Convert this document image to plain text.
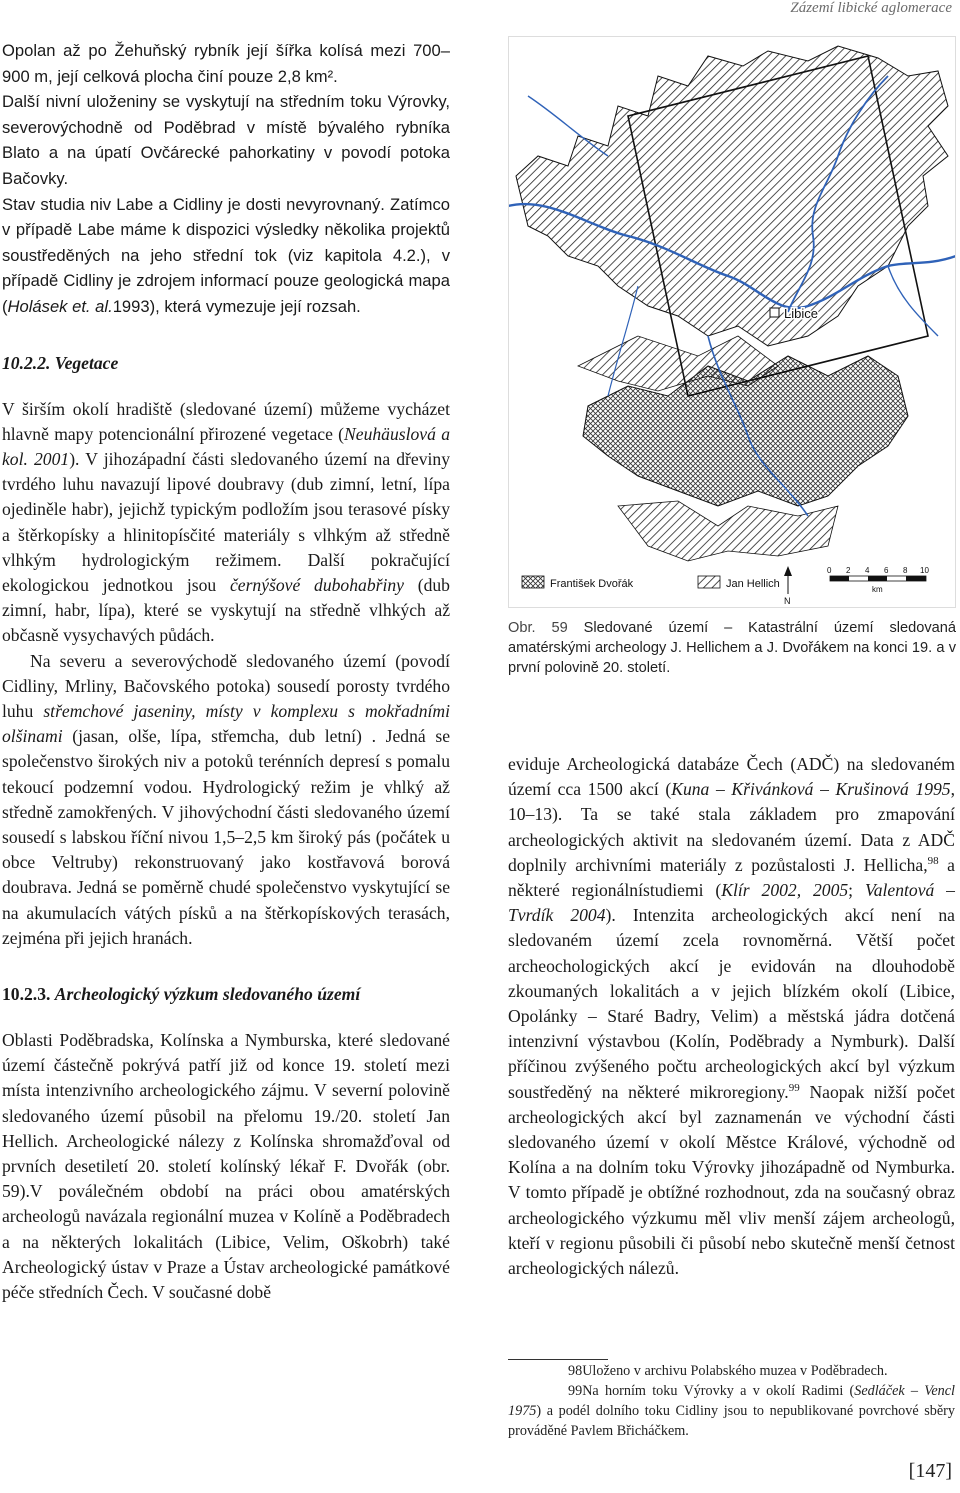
Zázemí libické aglomerace

Opolan až po Žehuňský rybník její šířka kolísá mezi 700–900 m, její celková plocha činí pouze 2,8 km².

Další nivní uloženiny se vyskytují na středním toku Výrovky, severovýchodně od Poděbrad v místě bývalého rybníka Blato a na úpatí Ovčárecké pahorkatiny v povodí potoka Bačovky.

Stav studia niv Labe a Cidliny je dosti nevyrovnaný. Zatímco v případě Labe máme k dispozici výsledky několika projektů soustředěných na jeho střední tok (viz kapitola 4.2.), v případě Cidliny je zdrojem informací pouze geologická mapa (Holásek et. al.1993), která vymezuje její rozsah.

10.2.2. Vegetace

V širším okolí hradiště (sledované území) můžeme vycházet hlavně mapy potencionální přirozené vegetace (Neuhäuslová a kol. 2001). V jihozápadní části sledovaného území na dřeviny tvrdého luhu navazují lipové doubravy (dub zimní, letní, lípa ojediněle habr), jejichž typickým podložím jsou terasové písky a štěrkopísky a hlinitopísčité materiály s vlhkým až středně vlhkým hydrologickým režimem. Další pokračující ekologickou jednotkou jsou černýšové dubohabřiny (dub zimní, habr, lípa), které se vyskytují na středně vlhkých až občasně vysychavých půdách.

Na severu a severovýchodě sledovaného území (povodí Cidliny, Mrliny, Bačovského potoka) sousedí porosty tvrdého luhu střemchové jaseniny, místy v komplexu s mokřadními olšinami (jasan, olše, lípa, střemcha, dub letní) . Jedná se společenstvo širokých niv a potoků terénních depresí s pomalu tekoucí podzemní vodou. Hydrologický režim je vhlký až středně zamokřených. V jihovýchodní části sledovaného území sousedí s labskou říční nivou 1,5–2,5 km široký pás (počátek u obce Veltruby) rekonstruovaný jako kostřavová borová doubrava. Jedná se poměrně chudé společenstvo vyskytující se na akumulacích vátých písků a na štěrkopískových terasách, zejména při jejich hranách.

10.2.3. Archeologický výzkum sledovaného území

Oblasti Poděbradska, Kolínska a Nymburska, které sledované území částečně pokrývá patří již od konce 19. století mezi místa intenzivního archeologického zájmu. V severní polovině sledovaného území působil na přelomu 19./20. století Jan Hellich. Archeologické nálezy z Kolínska shromažďoval od prvních desetiletí 20. století kolínský lékař F. Dvořák (obr. 59).V poválečném období na práci obou amatérských archeologů navázala regionální muzea v Kolíně a Poděbradech a na některých lokalitách (Libice, Velim, Oškobrh) také Archeologický ústav v Praze a Ústav archeologické památkové péče středních Čech. V současné době

Libice
František Dvořák	Jan Hellich
0 2 4 6 8 10
km
N
Obr. 59 Sledované území – Katastrální území sledovaná amatérskými archeology J. Hellichem a J. Dvořákem na konci 19. a v první polovině 20. století.

eviduje Archeologická databáze Čech (ADČ) na sledovaném území cca 1500 akcí (Kuna – Křivánková – Krušinová 1995, 10–13). Ta se také stala základem pro zmapování archeologických aktivit na sledovaném území. Data z ADČ doplnily archivními materiály z pozůstalosti J. Hellicha,$^{98}$ a některé regionálnístudiemi (Klír 2002, 2005; Valentová – Tvrdík 2004). Intenzita archeologických akcí není na sledovaném území zcela rovnoměrná. Větší počet archeochologických akcí je evidován na dlouhodobě zkoumaných lokalitách a v jejich blízkém okolí (Libice, Opolánky – Staré Badry, Velim) a městská jádra dotčená intenzivní výstavbou (Kolín, Poděbrady a Nymburk). Další příčinou zvýšeného počtu archeologických akcí byl výzkum soustředěný na některé mikroregiony.$^{99}$ Naopak nižší počet archeologických akcí byl zaznamenán ve východní části sledovaného území v okolí Městce Králové, východně od Kolína a na dolním toku Výrovky jihozápadně od Nymburka. V tomto případě je obtížné rozhodnout, zda na současný obraz archeologického výzkumu měl vliv menší zájem archeologů, kteří v regionu působili či působí nebo skutečně menší četnost archeologických nálezů.

98Uloženo v archivu Polabského muzea v Poděbradech.
99Na horním toku Výrovky a v okolí Radimi (Sedláček – Vencl 1975) a podél dolního toku Cidliny jsou to nepublikované povrchové sběry prováděné Pavlem Břicháčkem.
[147]
